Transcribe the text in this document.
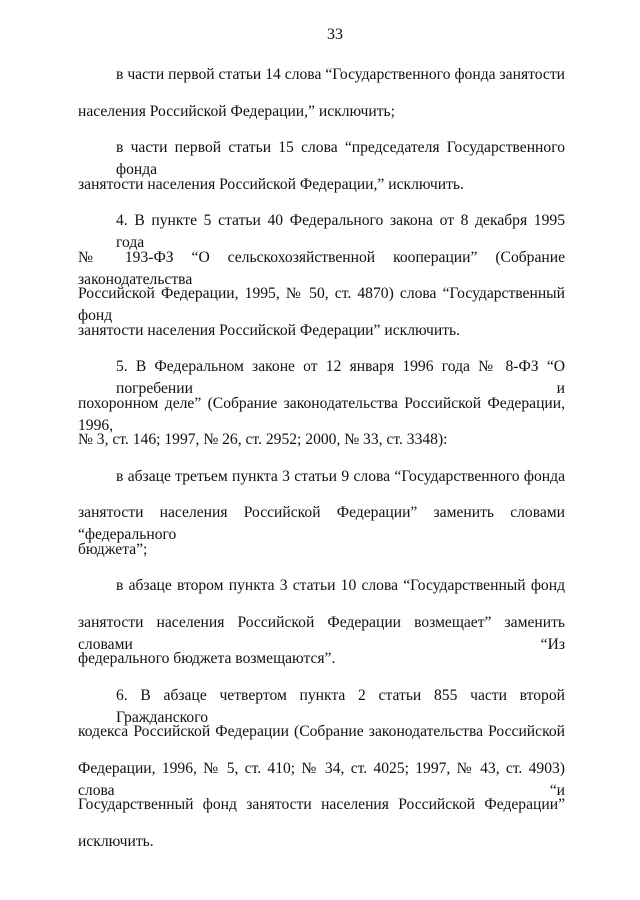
33
в части первой статьи 14 слова “Государственного фонда занятости
населения Российской Федерации,” исключить;
в части первой статьи 15 слова “председателя Государственного фонда
занятости населения Российской Федерации,” исключить.
4. В пункте 5 статьи 40 Федерального закона от 8 декабря 1995 года
№ 193-ФЗ “О сельскохозяйственной кооперации” (Собрание законодательства
Российской Федерации, 1995, № 50, ст. 4870) слова “Государственный фонд
занятости населения Российской Федерации” исключить.
5. В Федеральном законе от 12 января 1996 года № 8-ФЗ “О погребении и
похоронном деле” (Собрание законодательства Российской Федерации, 1996,
№ 3, ст. 146; 1997, № 26, ст. 2952; 2000, № 33, ст. 3348):
в абзаце третьем пункта 3 статьи 9 слова “Государственного фонда
занятости населения Российской Федерации” заменить словами “федерального
бюджета”;
в абзаце втором пункта 3 статьи 10 слова “Государственный фонд
занятости населения Российской Федерации возмещает” заменить словами “Из
федерального бюджета возмещаются”.
6. В абзаце четвертом пункта 2 статьи 855 части второй Гражданского
кодекса Российской Федерации (Собрание законодательства Российской
Федерации, 1996, № 5, ст. 410; № 34, ст. 4025; 1997, № 43, ст. 4903) слова “и
Государственный фонд занятости населения Российской Федерации”
исключить.
